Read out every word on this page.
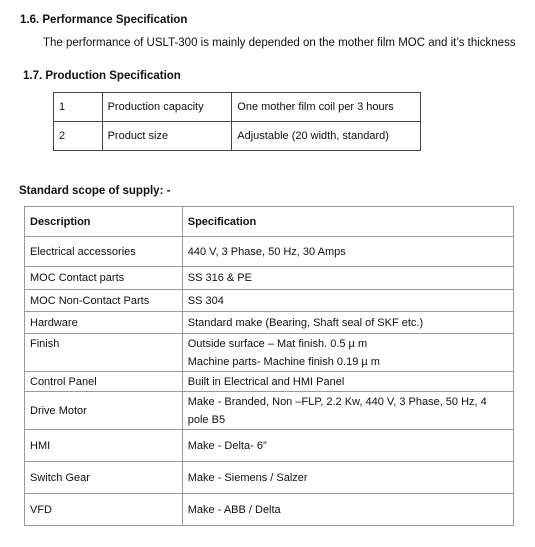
1.6. Performance Specification
The performance of USLT-300 is mainly depended on the mother film MOC and it’s thickness
1.7. Production Specification
1	Production capacity	One mother film coil per 3 hours
2	Product size	Adjustable (20 width, standard)
Standard scope of supply: -
Description	Specification
Electrical accessories	440 V, 3 Phase, 50 Hz, 30 Amps
MOC Contact parts	SS 316 & PE
MOC Non-Contact Parts	SS 304
Hardware	Standard make (Bearing, Shaft seal of SKF etc.)
Finish	Outside surface – Mat finish. 0.5 µ m
Machine parts- Machine finish 0.19 µ m

Control Panel	Built in Electrical and HMI Panel
Drive Motor	Make - Branded, Non –FLP, 2.2 Kw, 440 V, 3 Phase, 50 Hz, 4 pole B5
HMI	Make - Delta- 6”
Switch Gear	Make - Siemens / Salzer
VFD	Make - ABB / Delta
